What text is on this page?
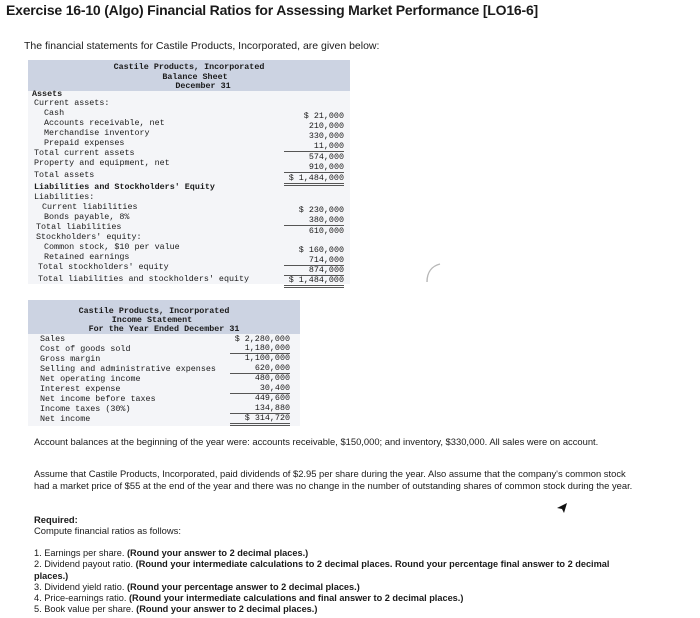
Exercise 16-10 (Algo) Financial Ratios for Assessing Market Performance [LO16-6]
The financial statements for Castile Products, Incorporated, are given below:
Castile Products, Incorporated
Balance Sheet
December 31
Assets
Current assets:
Cash
Accounts receivable, net
Merchandise inventory
Prepaid expenses
Total current assets
Property and equipment, net
Total assets
Liabilities and Stockholders' Equity
Liabilities:
Current liabilities
Bonds payable, 8%
Total liabilities
Stockholders' equity:
Common stock, $10 per value
Retained earnings
Total stockholders' equity
Total liabilities and stockholders' equity
$ 21,000
210,000
330,000
11,000
574,000
910,000
$ 1,484,000
$ 230,000
380,000
610,000
$ 160,000
714,000
874,000
$ 1,484,000
Castile Products, Incorporated
Income Statement
For the Year Ended December 31
Sales
Cost of goods sold
Gross margin
Selling and administrative expenses
Net operating income
Interest expense
Net income before taxes
Income taxes (30%)
Net income
$ 2,280,000
1,180,000
1,100,000
620,000
480,000
30,400
449,600
134,880
$ 314,720
Account balances at the beginning of the year were: accounts receivable, $150,000; and inventory, $330,000. All sales were on account.
Assume that Castile Products, Incorporated, paid dividends of $2.95 per share during the year. Also assume that the company's common stock had a market price of $55 at the end of the year and there was no change in the number of outstanding shares of common stock during the year.
Required:
Compute financial ratios as follows:
1. Earnings per share. (Round your answer to 2 decimal places.)
2. Dividend payout ratio. (Round your intermediate calculations to 2 decimal places. Round your percentage final answer to 2 decimal places.)
3. Dividend yield ratio. (Round your percentage answer to 2 decimal places.)
4. Price-earnings ratio. (Round your intermediate calculations and final answer to 2 decimal places.)
5. Book value per share. (Round your answer to 2 decimal places.)
